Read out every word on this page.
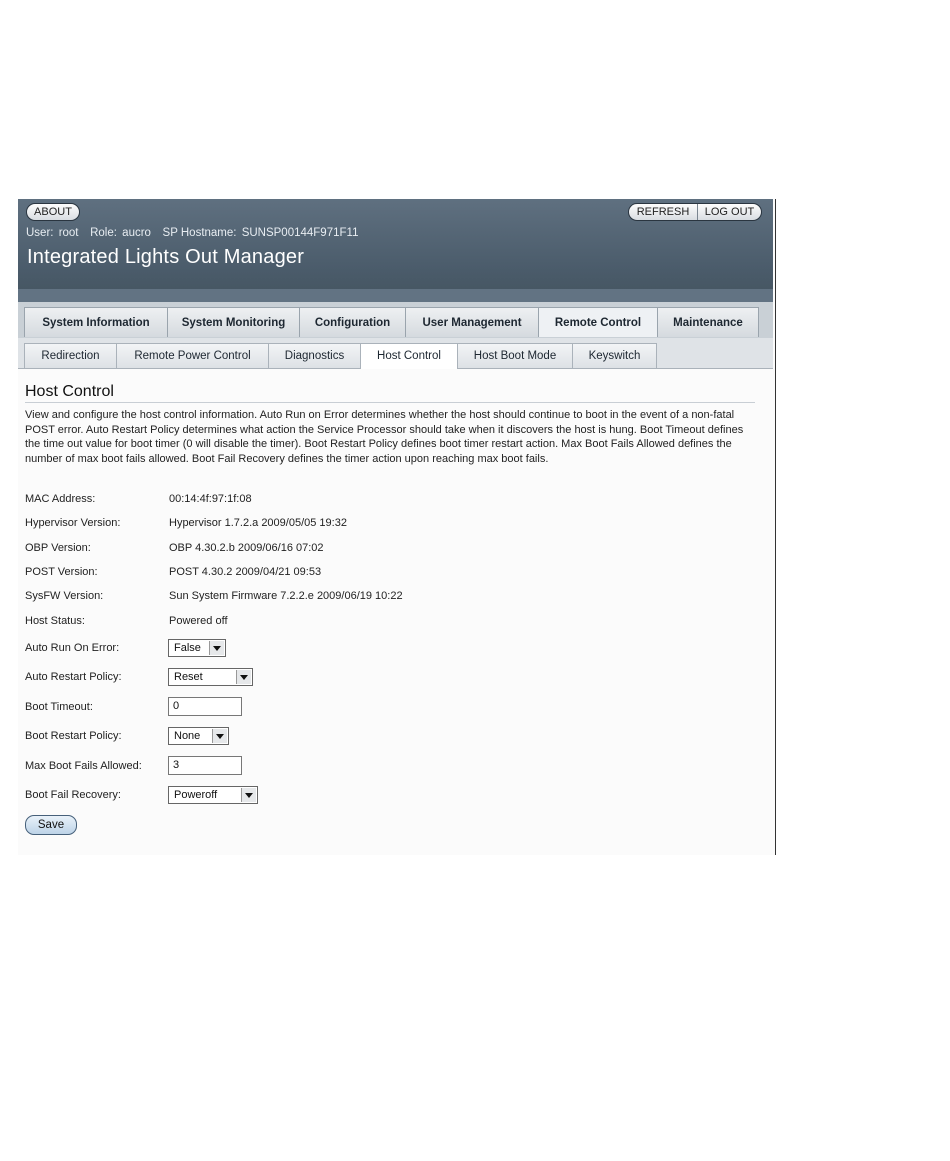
ABOUT	REFRESH	LOG OUT
User: root Role: aucro SP Hostname: SUNSP00144F971F11
Integrated Lights Out Manager
System Information	System Monitoring	Configuration	User Management	Remote Control	Maintenance
Redirection	Remote Power Control	Diagnostics	Host Control	Host Boot Mode	Keyswitch
Host Control
View and configure the host control information. Auto Run on Error determines whether the host should continue to boot in the event of a non-fatal POST error. Auto Restart Policy determines what action the Service Processor should take when it discovers the host is hung. Boot Timeout defines the time out value for boot timer (0 will disable the timer). Boot Restart Policy defines boot timer restart action. Max Boot Fails Allowed defines the number of max boot fails allowed. Boot Fail Recovery defines the timer action upon reaching max boot fails.
MAC Address:	00:14:4f:97:1f:08
Hypervisor Version:	Hypervisor 1.7.2.a 2009/05/05 19:32
OBP Version:	OBP 4.30.2.b 2009/06/16 07:02
POST Version:	POST 4.30.2 2009/04/21 09:53
SysFW Version:	Sun System Firmware 7.2.2.e 2009/06/19 10:22
Host Status:	Powered off
Auto Run On Error:	False
Auto Restart Policy:	Reset
Boot Timeout:	0
Boot Restart Policy:	None
Max Boot Fails Allowed:	3
Boot Fail Recovery:	Poweroff
Save
